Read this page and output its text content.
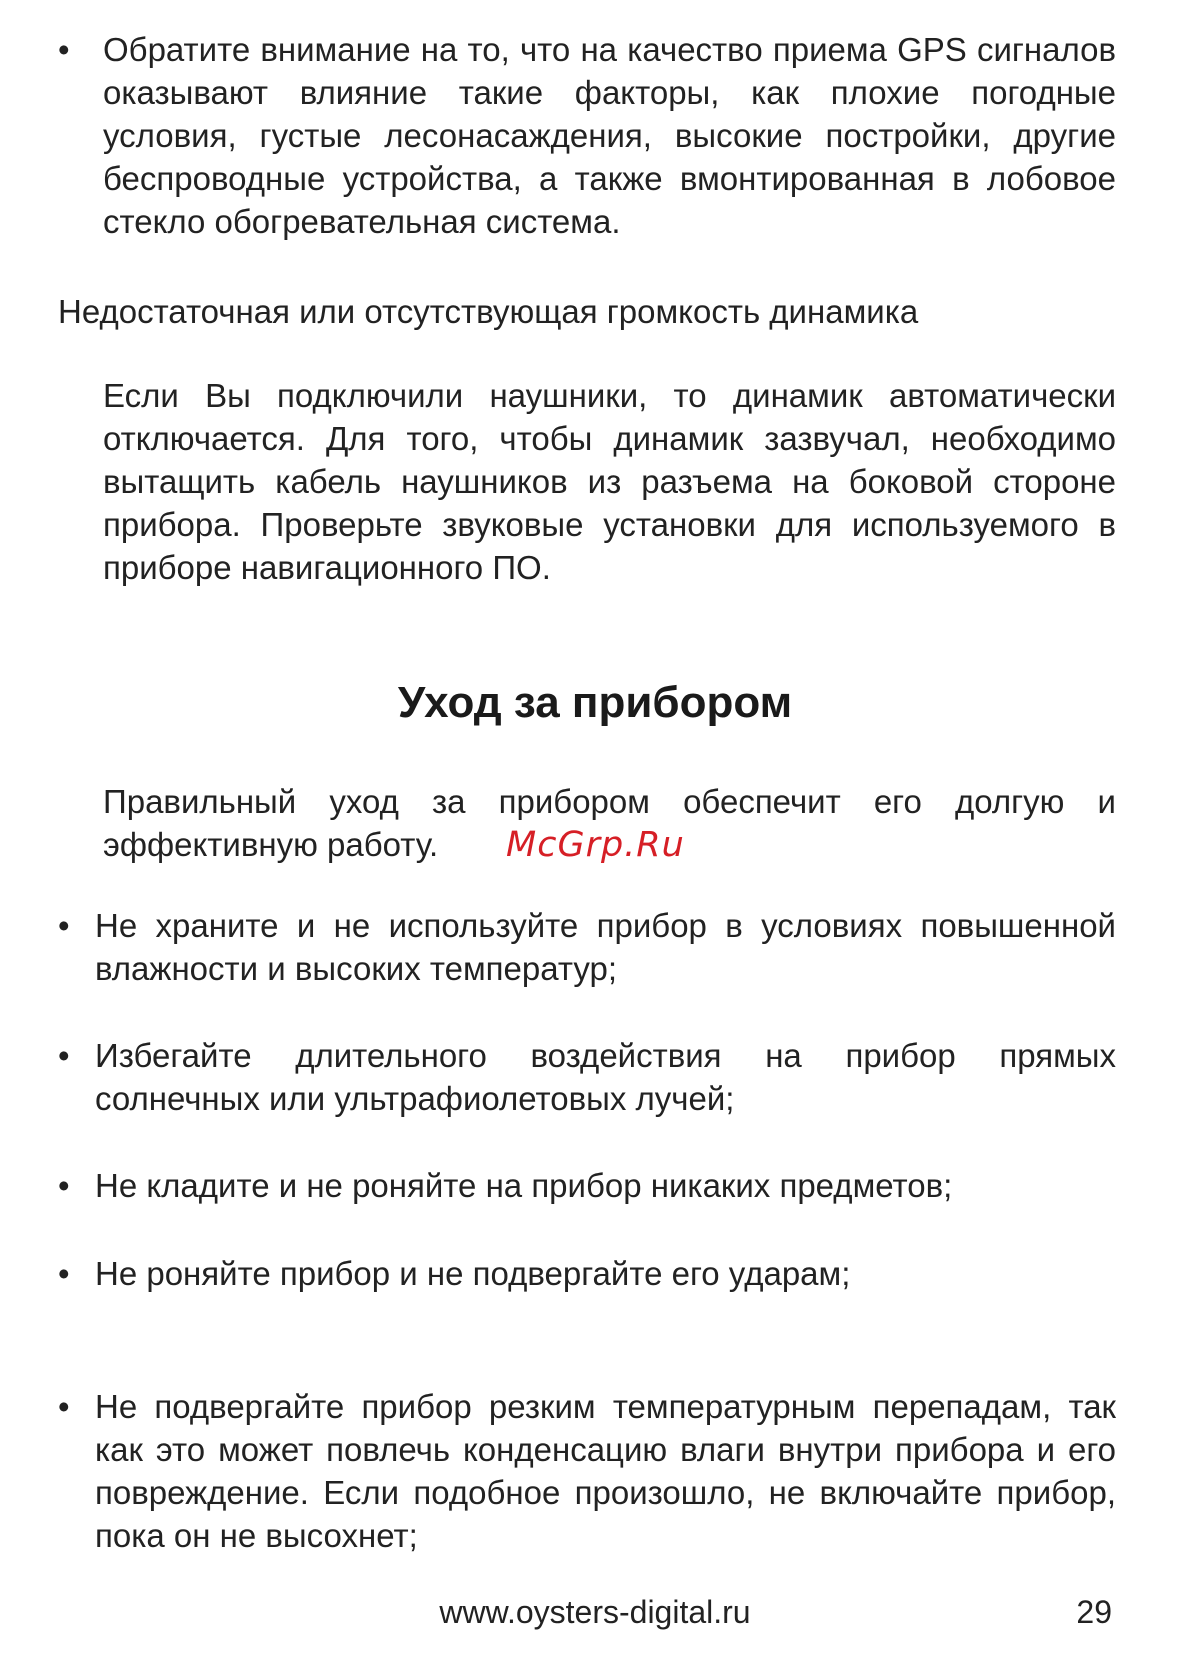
• Обратите внимание на то, что на качество приема GPS сигналов оказывают влияние такие факторы, как плохие погодные условия, густые лесонасаждения, высокие постройки, другие беспроводные устройства, а также вмонтированная в лобовое стекло обогревательная система.

Недостаточная или отсутствующая громкость динамика

Если Вы подключили наушники, то динамик автоматически отключается. Для того, чтобы динамик зазвучал, необходимо вытащить кабель наушников из разъема на боковой стороне прибора. Проверьте звуковые установки для используемого в приборе навигационного ПО.

Уход за прибором

Правильный уход за прибором обеспечит его долгую и эффективную работу.	McGrp.Ru
• Не храните и не используйте прибор в условиях повышенной влажности и высоких температур;

• Избегайте длительного воздействия на прибор прямых солнечных или ультрафиолетовых лучей;

• Не кладите и не роняйте на прибор никаких предметов;

• Не роняйте прибор и не подвергайте его ударам;

• Не подвергайте прибор резким температурным перепадам, так как это может повлечь конденсацию влаги внутри прибора и его повреждение. Если подобное произошло, не включайте прибор, пока он не высохнет;

www.oysters-digital.ru	29
